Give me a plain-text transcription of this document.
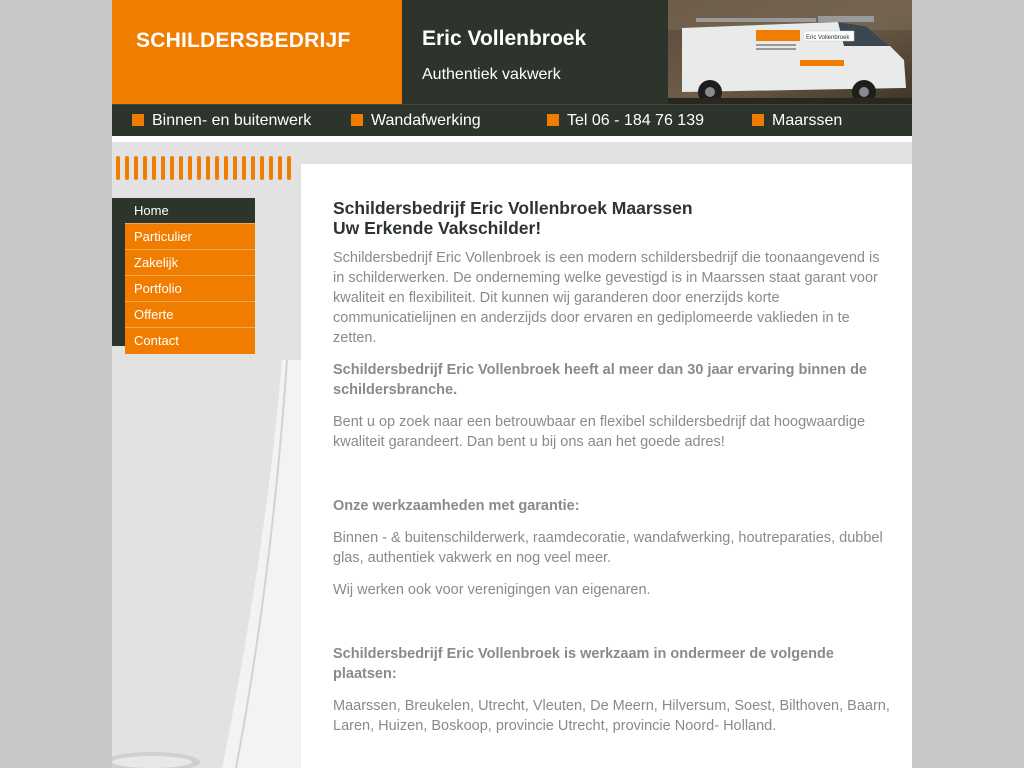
SCHILDERSBEDRIJF	Eric Vollenbroek
Authentiek vakwerk
Eric Vollenbroek
Binnen- en buitenwerk	Wandafwerking	Tel 06 - 184 76 139	Maarssen
Home
Particulier
Zakelijk
Portfolio
Offerte
Contact
Schildersbedrijf Eric Vollenbroek Maarssen
Uw Erkende Vakschilder!

Schildersbedrijf Eric Vollenbroek is een modern schildersbedrijf die toonaangevend is in schilderwerken. De onderneming welke gevestigd is in Maarssen staat garant voor kwaliteit en flexibiliteit. Dit kunnen wij garanderen door enerzijds korte communicatielijnen en anderzijds door ervaren en gediplomeerde vaklieden in te zetten.

Schildersbedrijf Eric Vollenbroek heeft al meer dan 30 jaar ervaring binnen de schildersbranche.

Bent u op zoek naar een betrouwbaar en flexibel schildersbedrijf dat hoogwaardige kwaliteit garandeert. Dan bent u bij ons aan het goede adres!

Onze werkzaamheden met garantie:

Binnen - & buitenschilderwerk, raamdecoratie, wandafwerking, houtreparaties, dubbel glas, authentiek vakwerk en nog veel meer.

Wij werken ook voor verenigingen van eigenaren.

Schildersbedrijf Eric Vollenbroek is werkzaam in ondermeer de volgende plaatsen:

Maarssen, Breukelen, Utrecht, Vleuten, De Meern, Hilversum, Soest, Bilthoven, Baarn, Laren, Huizen, Boskoop, provincie Utrecht, provincie Noord- Holland.
